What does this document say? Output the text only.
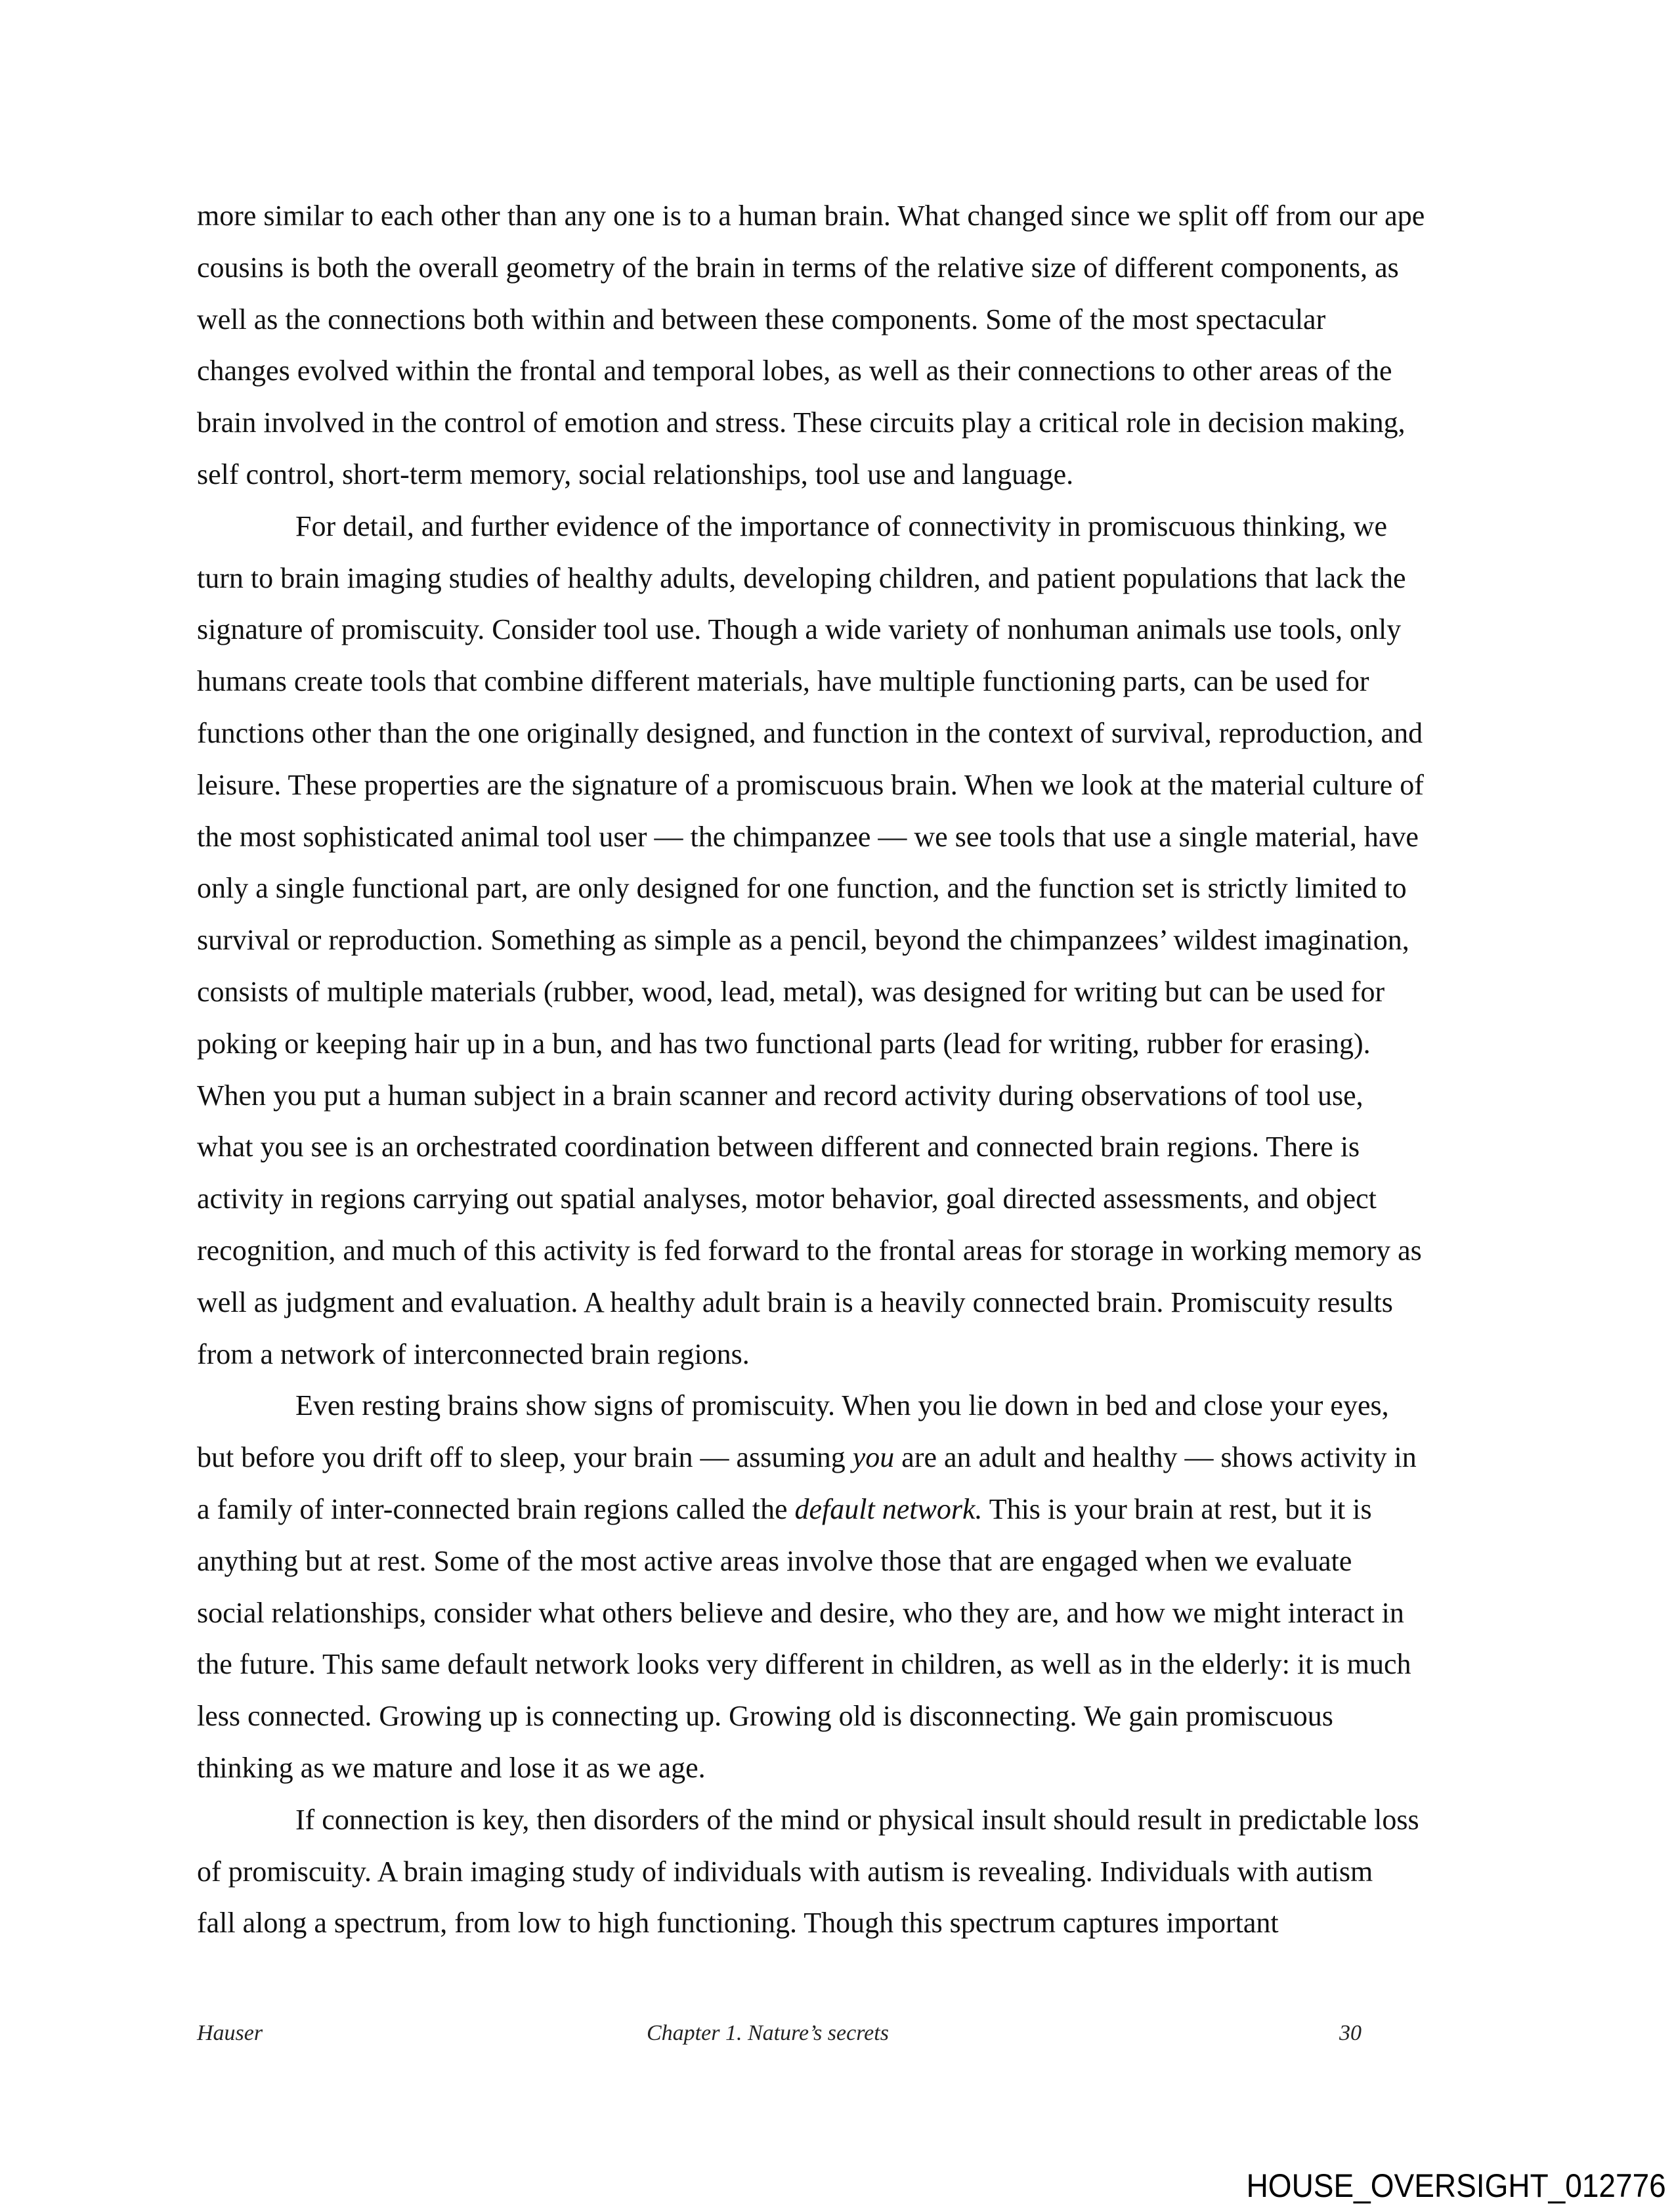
more similar to each other than any one is to a human brain. What changed since we split off from our ape
cousins is both the overall geometry of the brain in terms of the relative size of different components, as
well as the connections both within and between these components. Some of the most spectacular
changes evolved within the frontal and temporal lobes, as well as their connections to other areas of the
brain involved in the control of emotion and stress. These circuits play a critical role in decision making,
self control, short-term memory, social relationships, tool use and language.
For detail, and further evidence of the importance of connectivity in promiscuous thinking, we
turn to brain imaging studies of healthy adults, developing children, and patient populations that lack the
signature of promiscuity. Consider tool use. Though a wide variety of nonhuman animals use tools, only
humans create tools that combine different materials, have multiple functioning parts, can be used for
functions other than the one originally designed, and function in the context of survival, reproduction, and
leisure. These properties are the signature of a promiscuous brain. When we look at the material culture of
the most sophisticated animal tool user — the chimpanzee — we see tools that use a single material, have
only a single functional part, are only designed for one function, and the function set is strictly limited to
survival or reproduction. Something as simple as a pencil, beyond the chimpanzees’ wildest imagination,
consists of multiple materials (rubber, wood, lead, metal), was designed for writing but can be used for
poking or keeping hair up in a bun, and has two functional parts (lead for writing, rubber for erasing).
When you put a human subject in a brain scanner and record activity during observations of tool use,
what you see is an orchestrated coordination between different and connected brain regions. There is
activity in regions carrying out spatial analyses, motor behavior, goal directed assessments, and object
recognition, and much of this activity is fed forward to the frontal areas for storage in working memory as
well as judgment and evaluation. A healthy adult brain is a heavily connected brain. Promiscuity results
from a network of interconnected brain regions.
Even resting brains show signs of promiscuity. When you lie down in bed and close your eyes,
but before you drift off to sleep, your brain — assuming you are an adult and healthy — shows activity in
a family of inter-connected brain regions called the default network. This is your brain at rest, but it is
anything but at rest. Some of the most active areas involve those that are engaged when we evaluate
social relationships, consider what others believe and desire, who they are, and how we might interact in
the future. This same default network looks very different in children, as well as in the elderly: it is much
less connected. Growing up is connecting up. Growing old is disconnecting. We gain promiscuous
thinking as we mature and lose it as we age.
If connection is key, then disorders of the mind or physical insult should result in predictable loss
of promiscuity. A brain imaging study of individuals with autism is revealing. Individuals with autism
fall along a spectrum, from low to high functioning. Though this spectrum captures important
Hauser	Chapter 1. Nature’s secrets	30
HOUSE_OVERSIGHT_012776
